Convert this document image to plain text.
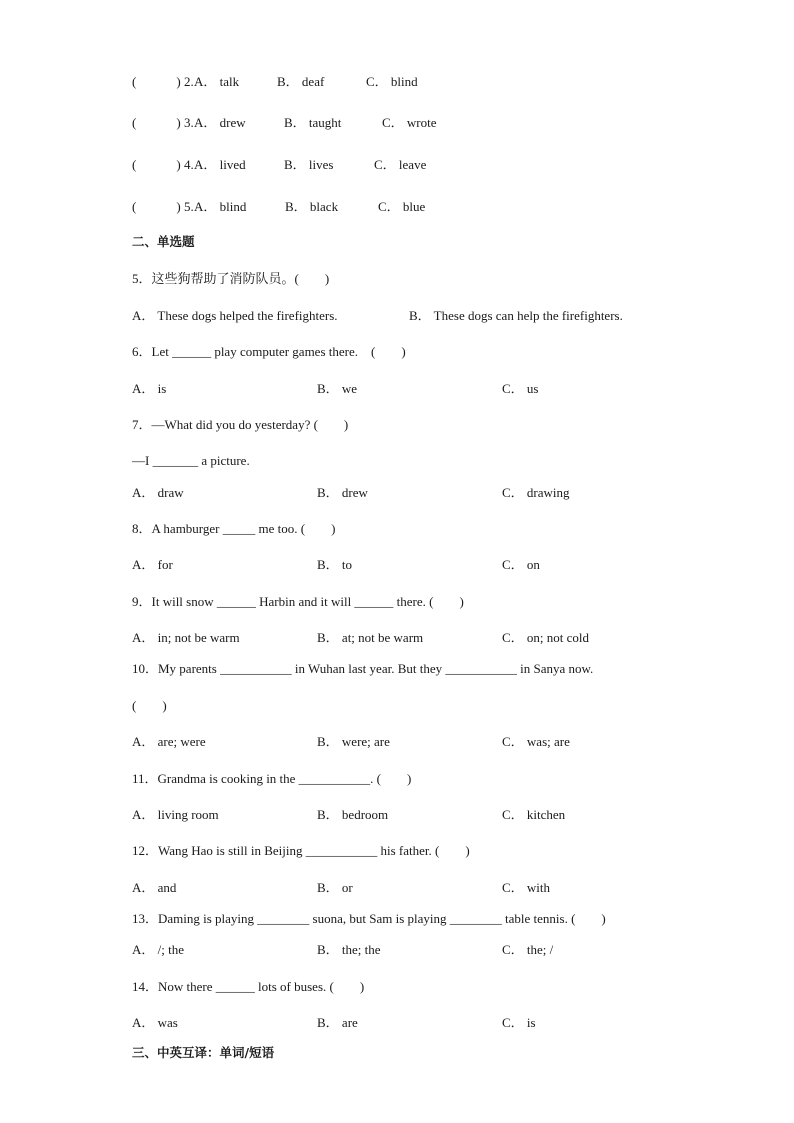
(	) 2. A． talk	B． deaf	C． blind
(	) 3. A． drew	B． taught	C． wrote
(	) 4. A． lived	B． lives	C． leave
(	) 5. A． blind	B． black	C． blue
二、单选题
5．这些狗帮助了消防队员。(　　)
A． These dogs helped the firefighters.	B． These dogs can help the firefighters.
6．Let ______ play computer games there.　(　　)
A． is	B． we	C． us
7．—What did you do yesterday? (　　)
—I _______ a picture.
A． draw	B． drew	C． drawing
8．A hamburger _____ me too. (　　)
A． for	B． to	C． on
9．It will snow ______ Harbin and it will ______ there. (　　)
A． in; not be warm	B． at; not be warm	C． on; not cold
10．My parents ___________ in Wuhan last year. But they ___________ in Sanya now.
(　　)
A． are; were	B． were; are	C． was; are
11．Grandma is cooking in the ___________. (　　)
A． living room	B． bedroom	C． kitchen
12．Wang Hao is still in Beijing ___________ his father. (　　)
A． and	B． or	C． with
13．Daming is playing ________ suona, but Sam is playing ________ table tennis. (　　)
A． /; the	B． the; the	C． the; /
14．Now there ______ lots of buses. (　　)
A． was	B． are	C． is
三、中英互译：单词/短语
